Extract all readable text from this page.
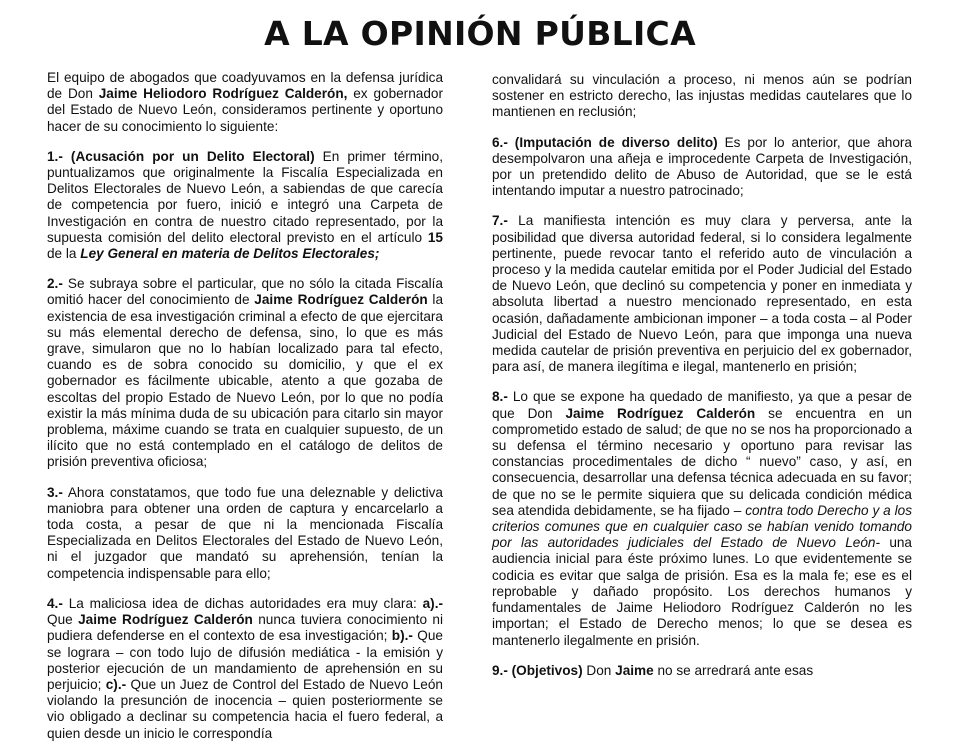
A LA OPINIÓN PÚBLICA

El equipo de abogados que coadyuvamos en la defensa jurídica de Don Jaime Heliodoro Rodríguez Calderón, ex gobernador del Estado de Nuevo León, consideramos pertinente y oportuno hacer de su conocimiento lo siguiente:

1.- (Acusación por un Delito Electoral) En primer término, puntualizamos que originalmente la Fiscalía Especializada en Delitos Electorales de Nuevo León, a sabiendas de que carecía de competencia por fuero, inició e integró una Carpeta de Investigación en contra de nuestro citado representado, por la supuesta comisión del delito electoral previsto en el artículo 15 de la Ley General en materia de Delitos Electorales;

2.- Se subraya sobre el particular, que no sólo la citada Fiscalía omitió hacer del conocimiento de Jaime Rodríguez Calderón la existencia de esa investigación criminal a efecto de que ejercitara su más elemental derecho de defensa, sino, lo que es más grave, simularon que no lo habían localizado para tal efecto, cuando es de sobra conocido su domicilio, y que el ex gobernador es fácilmente ubicable, atento a que gozaba de escoltas del propio Estado de Nuevo León, por lo que no podía existir la más mínima duda de su ubicación para citarlo sin mayor problema, máxime cuando se trata en cualquier supuesto, de un ilícito que no está contemplado en el catálogo de delitos de prisión preventiva oficiosa;

3.- Ahora constatamos, que todo fue una deleznable y delictiva maniobra para obtener una orden de captura y encarcelarlo a toda costa, a pesar de que ni la mencionada Fiscalía Especializada en Delitos Electorales del Estado de Nuevo León, ni el juzgador que mandató su aprehensión, tenían la competencia indispensable para ello;

4.- La maliciosa idea de dichas autoridades era muy clara: a).-Que Jaime Rodríguez Calderón nunca tuviera conocimiento ni pudiera defenderse en el contexto de esa investigación; b).- Que se lograra – con todo lujo de difusión mediática - la emisión y posterior ejecución de un mandamiento de aprehensión en su perjuicio; c).- Que un Juez de Control del Estado de Nuevo León violando la presunción de inocencia – quien posteriormente se vio obligado a declinar su competencia hacia el fuero federal, a quien desde un inicio le correspondía

convalidará su vinculación a proceso, ni menos aún se podrían sostener en estricto derecho, las injustas medidas cautelares que lo mantienen en reclusión;

6.- (Imputación de diverso delito) Es por lo anterior, que ahora desempolvaron una añeja e improcedente Carpeta de Investigación, por un pretendido delito de Abuso de Autoridad, que se le está intentando imputar a nuestro patrocinado;

7.- La manifiesta intención es muy clara y perversa, ante la posibilidad que diversa autoridad federal, si lo considera legalmente pertinente, puede revocar tanto el referido auto de vinculación a proceso y la medida cautelar emitida por el Poder Judicial del Estado de Nuevo León, que declinó su competencia y poner en inmediata y absoluta libertad a nuestro mencionado representado, en esta ocasión, dañadamente ambicionan imponer – a toda costa – al Poder Judicial del Estado de Nuevo León, para que imponga una nueva medida cautelar de prisión preventiva en perjuicio del ex gobernador, para así, de manera ilegítima e ilegal, mantenerlo en prisión;

8.- Lo que se expone ha quedado de manifiesto, ya que a pesar de que Don Jaime Rodríguez Calderón se encuentra en un comprometido estado de salud; de que no se nos ha proporcionado a su defensa el término necesario y oportuno para revisar las constancias procedimentales de dicho “ nuevo” caso, y así, en consecuencia, desarrollar una defensa técnica adecuada en su favor; de que no se le permite siquiera que su delicada condición médica sea atendida debidamente, se ha fijado – contra todo Derecho y a los criterios comunes que en cualquier caso se habían venido tomando por las autoridades judiciales del Estado de Nuevo León- una audiencia inicial para éste próximo lunes. Lo que evidentemente se codicia es evitar que salga de prisión. Esa es la mala fe; ese es el reprobable y dañado propósito. Los derechos humanos y fundamentales de Jaime Heliodoro Rodríguez Calderón no les importan; el Estado de Derecho menos; lo que se desea es mantenerlo ilegalmente en prisión.

9.- (Objetivos) Don Jaime no se arredrará ante esas
